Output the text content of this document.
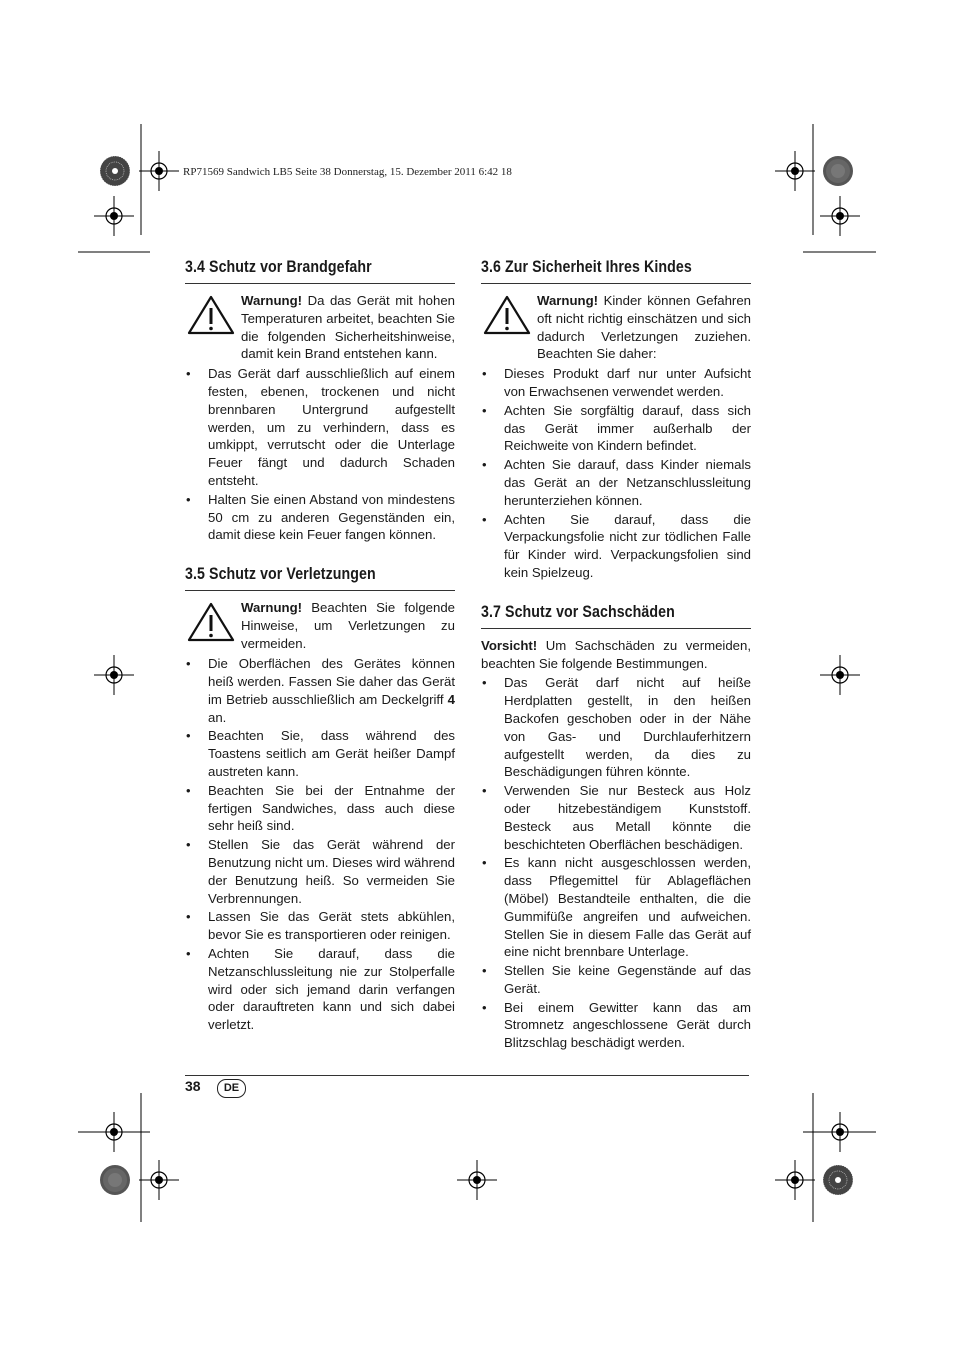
RP71569 Sandwich LB5 Seite 38 Donnerstag, 15. Dezember 2011 6:42 18
3.4 Schutz vor Brandgefahr
Warnung! Da das Gerät mit hohen Temperaturen arbeitet, beachten Sie die folgenden Sicherheitshinweise, damit kein Brand entstehen kann.
• Das Gerät darf ausschließlich auf einem festen, ebenen, trockenen und nicht brennbaren Untergrund aufgestellt werden, um zu verhindern, dass es umkippt, verrutscht oder die Unterlage Feuer fängt und dadurch Schaden entsteht.
• Halten Sie einen Abstand von mindestens 50 cm zu anderen Gegenständen ein, damit diese kein Feuer fangen können.
3.5 Schutz vor Verletzungen
Warnung! Beachten Sie folgende Hinweise, um Verletzungen zu vermeiden.
• Die Oberflächen des Gerätes können heiß werden. Fassen Sie daher das Gerät im Betrieb ausschließlich am Deckelgriff 4 an.
• Beachten Sie, dass während des Toastens seitlich am Gerät heißer Dampf austreten kann.
• Beachten Sie bei der Entnahme der fertigen Sandwiches, dass auch diese sehr heiß sind.
• Stellen Sie das Gerät während der Benutzung nicht um. Dieses wird während der Benutzung heiß. So vermeiden Sie Verbrennungen.
• Lassen Sie das Gerät stets abkühlen, bevor Sie es transportieren oder reinigen.
• Achten Sie darauf, dass die Netzanschlussleitung nie zur Stolperfalle wird oder sich jemand darin verfangen oder darauftreten kann und sich dabei verletzt.
3.6 Zur Sicherheit Ihres Kindes
Warnung! Kinder können Gefahren oft nicht richtig einschätzen und sich dadurch Verletzungen zuziehen. Beachten Sie daher:
• Dieses Produkt darf nur unter Aufsicht von Erwachsenen verwendet werden.
• Achten Sie sorgfältig darauf, dass sich das Gerät immer außerhalb der Reichweite von Kindern befindet.
• Achten Sie darauf, dass Kinder niemals das Gerät an der Netzanschlussleitung herunterziehen können.
• Achten Sie darauf, dass die Verpackungsfolie nicht zur tödlichen Falle für Kinder wird. Verpackungsfolien sind kein Spielzeug.
3.7 Schutz vor Sachschäden

Vorsicht! Um Sachschäden zu vermeiden, beachten Sie folgende Bestimmungen.

• Das Gerät darf nicht auf heiße Herdplatten gestellt, in den heißen Backofen geschoben oder in der Nähe von Gas- und Durchlauferhitzern aufgestellt werden, da dies zu Beschädigungen führen könnte.
• Verwenden Sie nur Besteck aus Holz oder hitzebeständigem Kunststoff. Besteck aus Metall könnte die beschichteten Oberflächen beschädigen.
• Es kann nicht ausgeschlossen werden, dass Pflegemittel für Ablageflächen (Möbel) Bestandteile enthalten, die die Gummifüße angreifen und aufweichen. Stellen Sie in diesem Falle das Gerät auf eine nicht brennbare Unterlage.
• Stellen Sie keine Gegenstände auf das Gerät.
• Bei einem Gewitter kann das am Stromnetz angeschlossene Gerät durch Blitzschlag beschädigt werden.
38	DE
